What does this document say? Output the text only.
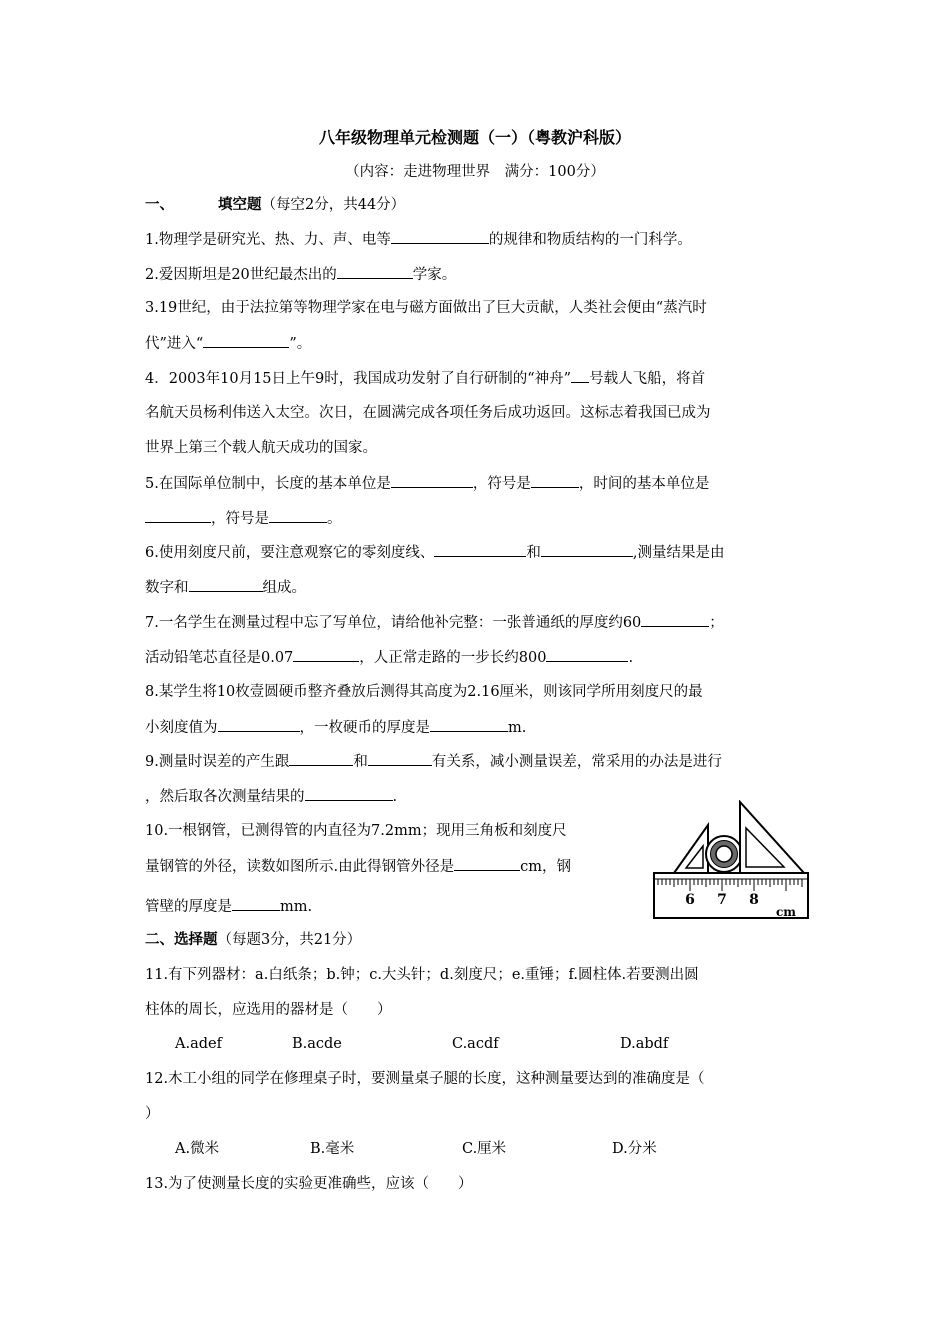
八年级物理单元检测题（一）（粤教沪科版）
（内容：走进物理世界　满分：100分）
一、	填空题（每空2分，共44分）
1.物理学是研究光、热、力、声、电等	的规律和物质结构的一门科学。
2.爱因斯坦是20世纪最杰出的	学家。
3.19世纪，由于法拉第等物理学家在电与磁方面做出了巨大贡献，人类社会便由“蒸汽时
代”进入“	”。
4．2003年10月15日上午9时，我国成功发射了自行研制的“神舟” 号载人飞船，将首
名航天员杨利伟送入太空。次日，在圆满完成各项任务后成功返回。这标志着我国已成为
世界上第三个载人航天成功的国家。
5.在国际单位制中，长度的基本单位是	，符号是	，时间的基本单位是
，符号是	。
6.使用刻度尺前，要注意观察它的零刻度线、	和	,测量结果是由
数字和	组成。
7.一名学生在测量过程中忘了写单位，请给他补完整：一张普通纸的厚度约60	；
活动铅笔芯直径是0.07	，人正常走路的一步长约800	.
8.某学生将10枚壹圆硬币整齐叠放后测得其高度为2.16厘米，则该同学所用刻度尺的最
小刻度值为	，一枚硬币的厚度是	m.
9.测量时误差的产生跟	和	有关系，减小测量误差，常采用的办法是进行
，然后取各次测量结果的	.
10.一根钢管，已测得管的内直径为7.2mm；现用三角板和刻度尺
量钢管的外径，读数如图所示.由此得钢管外径是	cm，钢
管壁的厚度是	mm.	6 7 8
cm
二、选择题（每题3分，共21分）
11.有下列器材：a.白纸条；b.钟；c.大头针；d.刻度尺；e.重锤；f.圆柱体.若要测出圆
柱体的周长，应选用的器材是（　　）
A.adef	B.acde	C.acdf	D.abdf
12.木工小组的同学在修理桌子时，要测量桌子腿的长度，这种测量要达到的准确度是（
）
A.微米	B.毫米	C.厘米	D.分米
13.为了使测量长度的实验更准确些，应该（　　）
